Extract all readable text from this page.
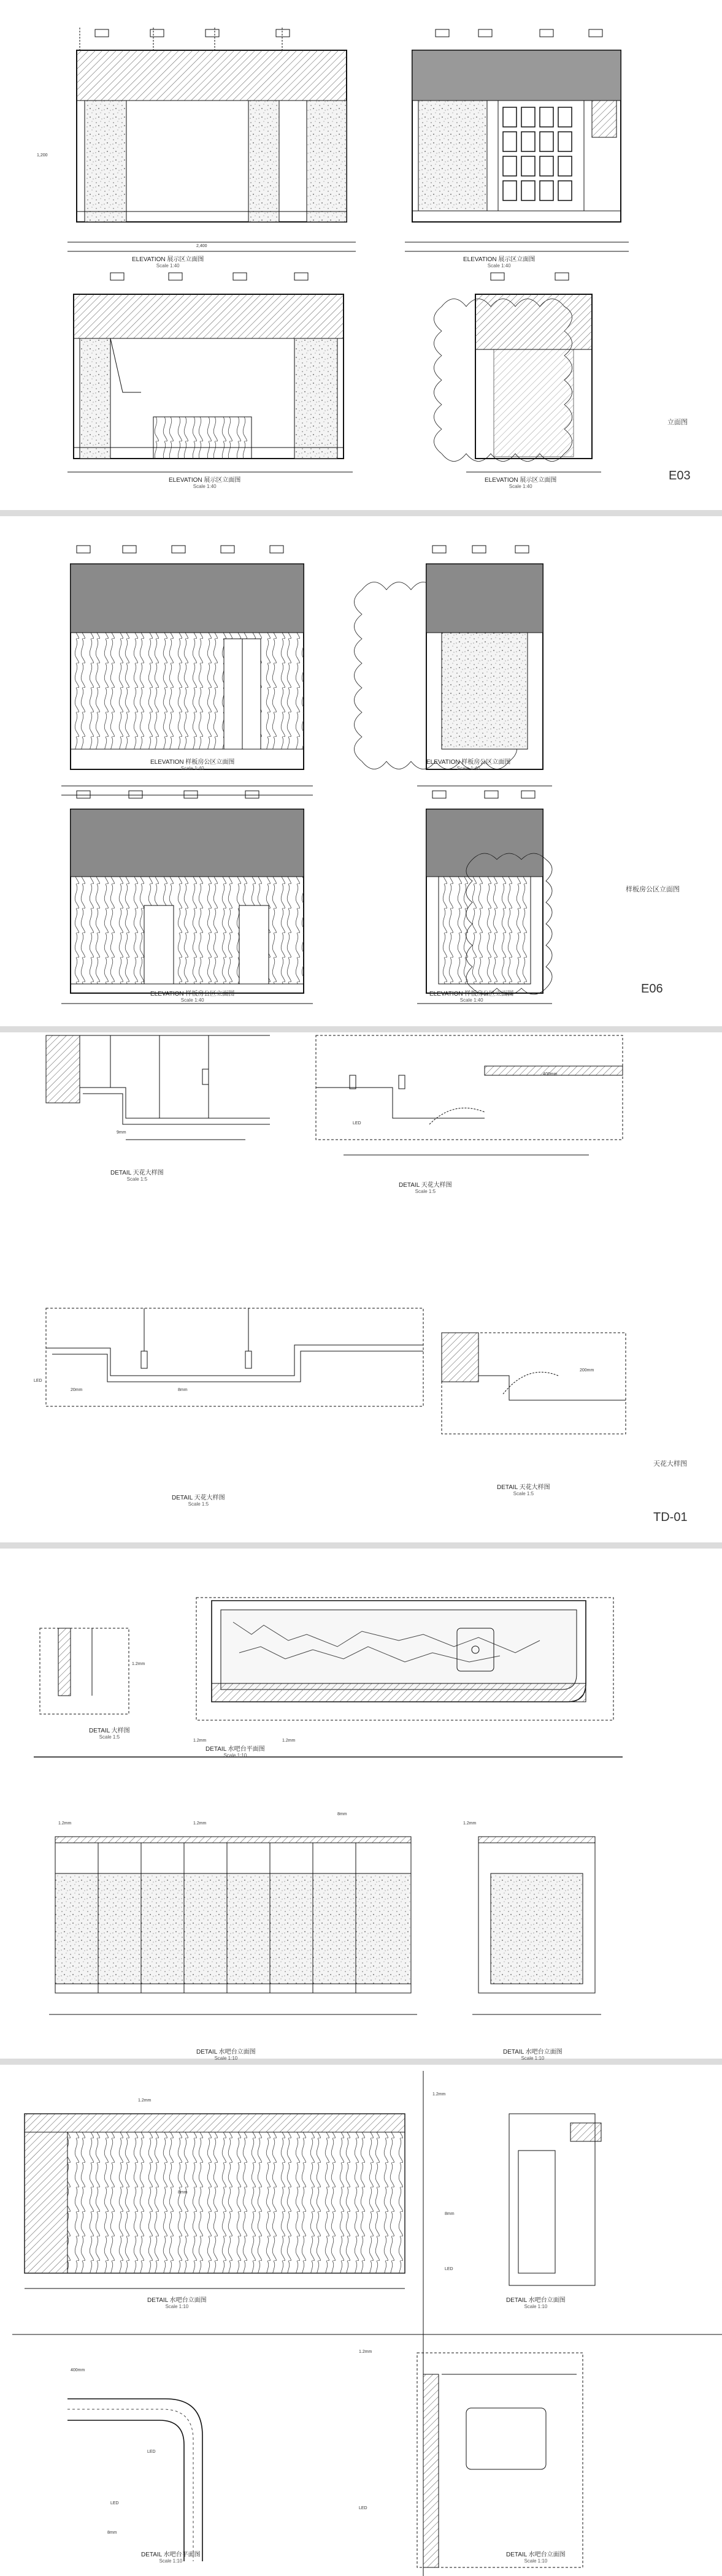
2,400
1,200
ELEVATION 展示区立面图
Scale 1:40
ELEVATION 展示区立面图
Scale 1:40
ELEVATION 展示区立面图
Scale 1:40
ELEVATION 展示区立面图
Scale 1:40
立面图
E03
ELEVATION 样板房公区立面图
Scale 1:40
ELEVATION 样板房公区立面图
Scale 1:40
ELEVATION 样板房公区立面图
Scale 1:40
ELEVATION 样板房公区立面图
Scale 1:40
样板房公区立面图
E06
9mm
LED
400mm
LED
20mm	8mm
200mm
DETAIL 天花大样图
Scale 1:5
DETAIL 天花大样图
Scale 1:5
DETAIL 天花大样图
Scale 1:5
DETAIL 天花大样图
Scale 1:5
天花大样图
TD-01
1.2mm
1.2mm	1.2mm
1.2mm	1.2mm
8mm
1.2mm
DETAIL 大样图
Scale 1:5
DETAIL 水吧台平面图
Scale 1:10
DETAIL 水吧台立面图
Scale 1:10
DETAIL 水吧台立面图
Scale 1:10
1.2mm
8mm
1.2mm
8mm
LED
400mm
LED
LED
8mm
1.2mm
LED
DETAIL 水吧台立面图
Scale 1:10
DETAIL 水吧台立面图
Scale 1:10
DETAIL 水吧台平面图
Scale 1:10
DETAIL 水吧台立面图
Scale 1:10
